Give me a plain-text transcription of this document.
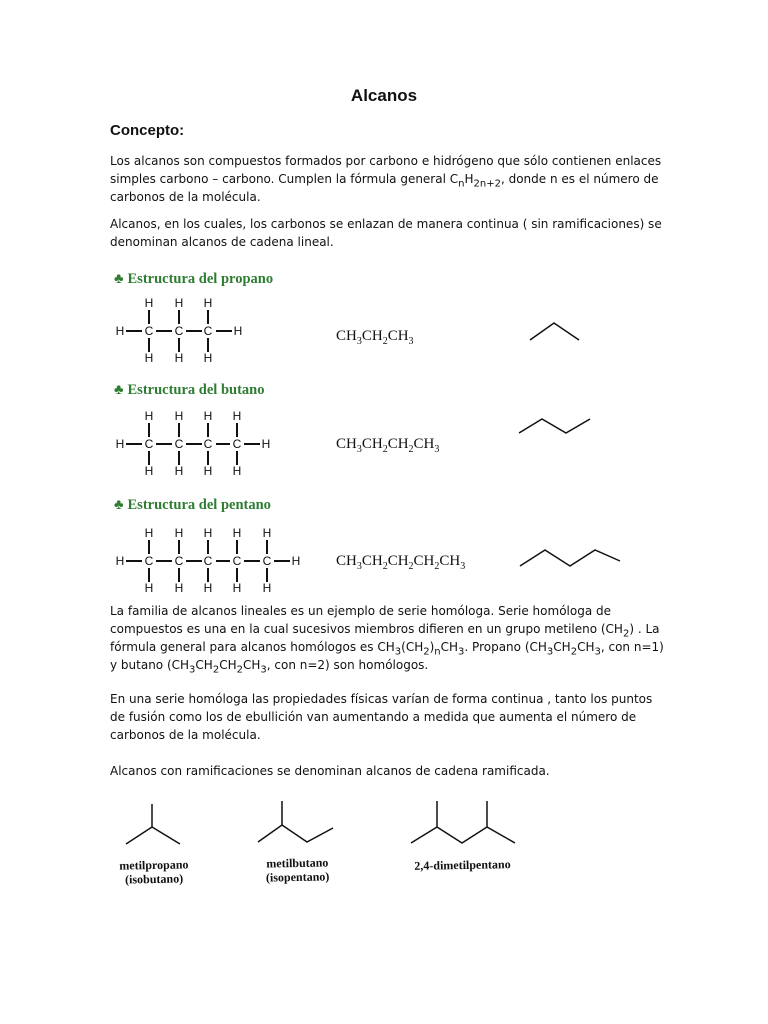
Alcanos
Concepto:
Los alcanos son compuestos formados por carbono e hidrógeno que sólo contienen enlaces simples carbono – carbono. Cumplen la fórmula general $C_nH_{2n+2}$, donde n es el número de carbonos de la molécula.
Alcanos, en los cuales, los carbonos se enlazan de manera continua ( sin ramificaciones) se denominan alcanos de cadena lineal.
♣ Estructura del propano
H C C C H
H H H
H H H
$CH_3CH_2CH_3$
♣ Estructura del butano
H C C C C H
H H H H
H H H H
$CH_3CH_2CH_2CH_3$
♣ Estructura del pentano
H C C C C C H
H H H H H
H H H H H
$CH_3CH_2CH_2CH_2CH_3$
La familia de alcanos lineales es un ejemplo de serie homóloga. Serie homóloga de compuestos es una en la cual sucesivos miembros difieren en un grupo metileno $(CH_2)$ . La fórmula general para alcanos homólogos es $CH_3(CH_2)_nCH_3$. Propano ($CH_3CH_2CH_3$, con n=1) y butano ($CH_3CH_2CH_2CH_3$, con n=2) son homólogos.
En una serie homóloga las propiedades físicas varían de forma continua , tanto los puntos de fusión como los de ebullición van aumentando a medida que aumenta el número de carbonos de la molécula.
Alcanos con ramificaciones se denominan alcanos de cadena ramificada.
metilpropano
(isobutano)
metilbutano
(isopentano)
2,4-dimetilpentano
